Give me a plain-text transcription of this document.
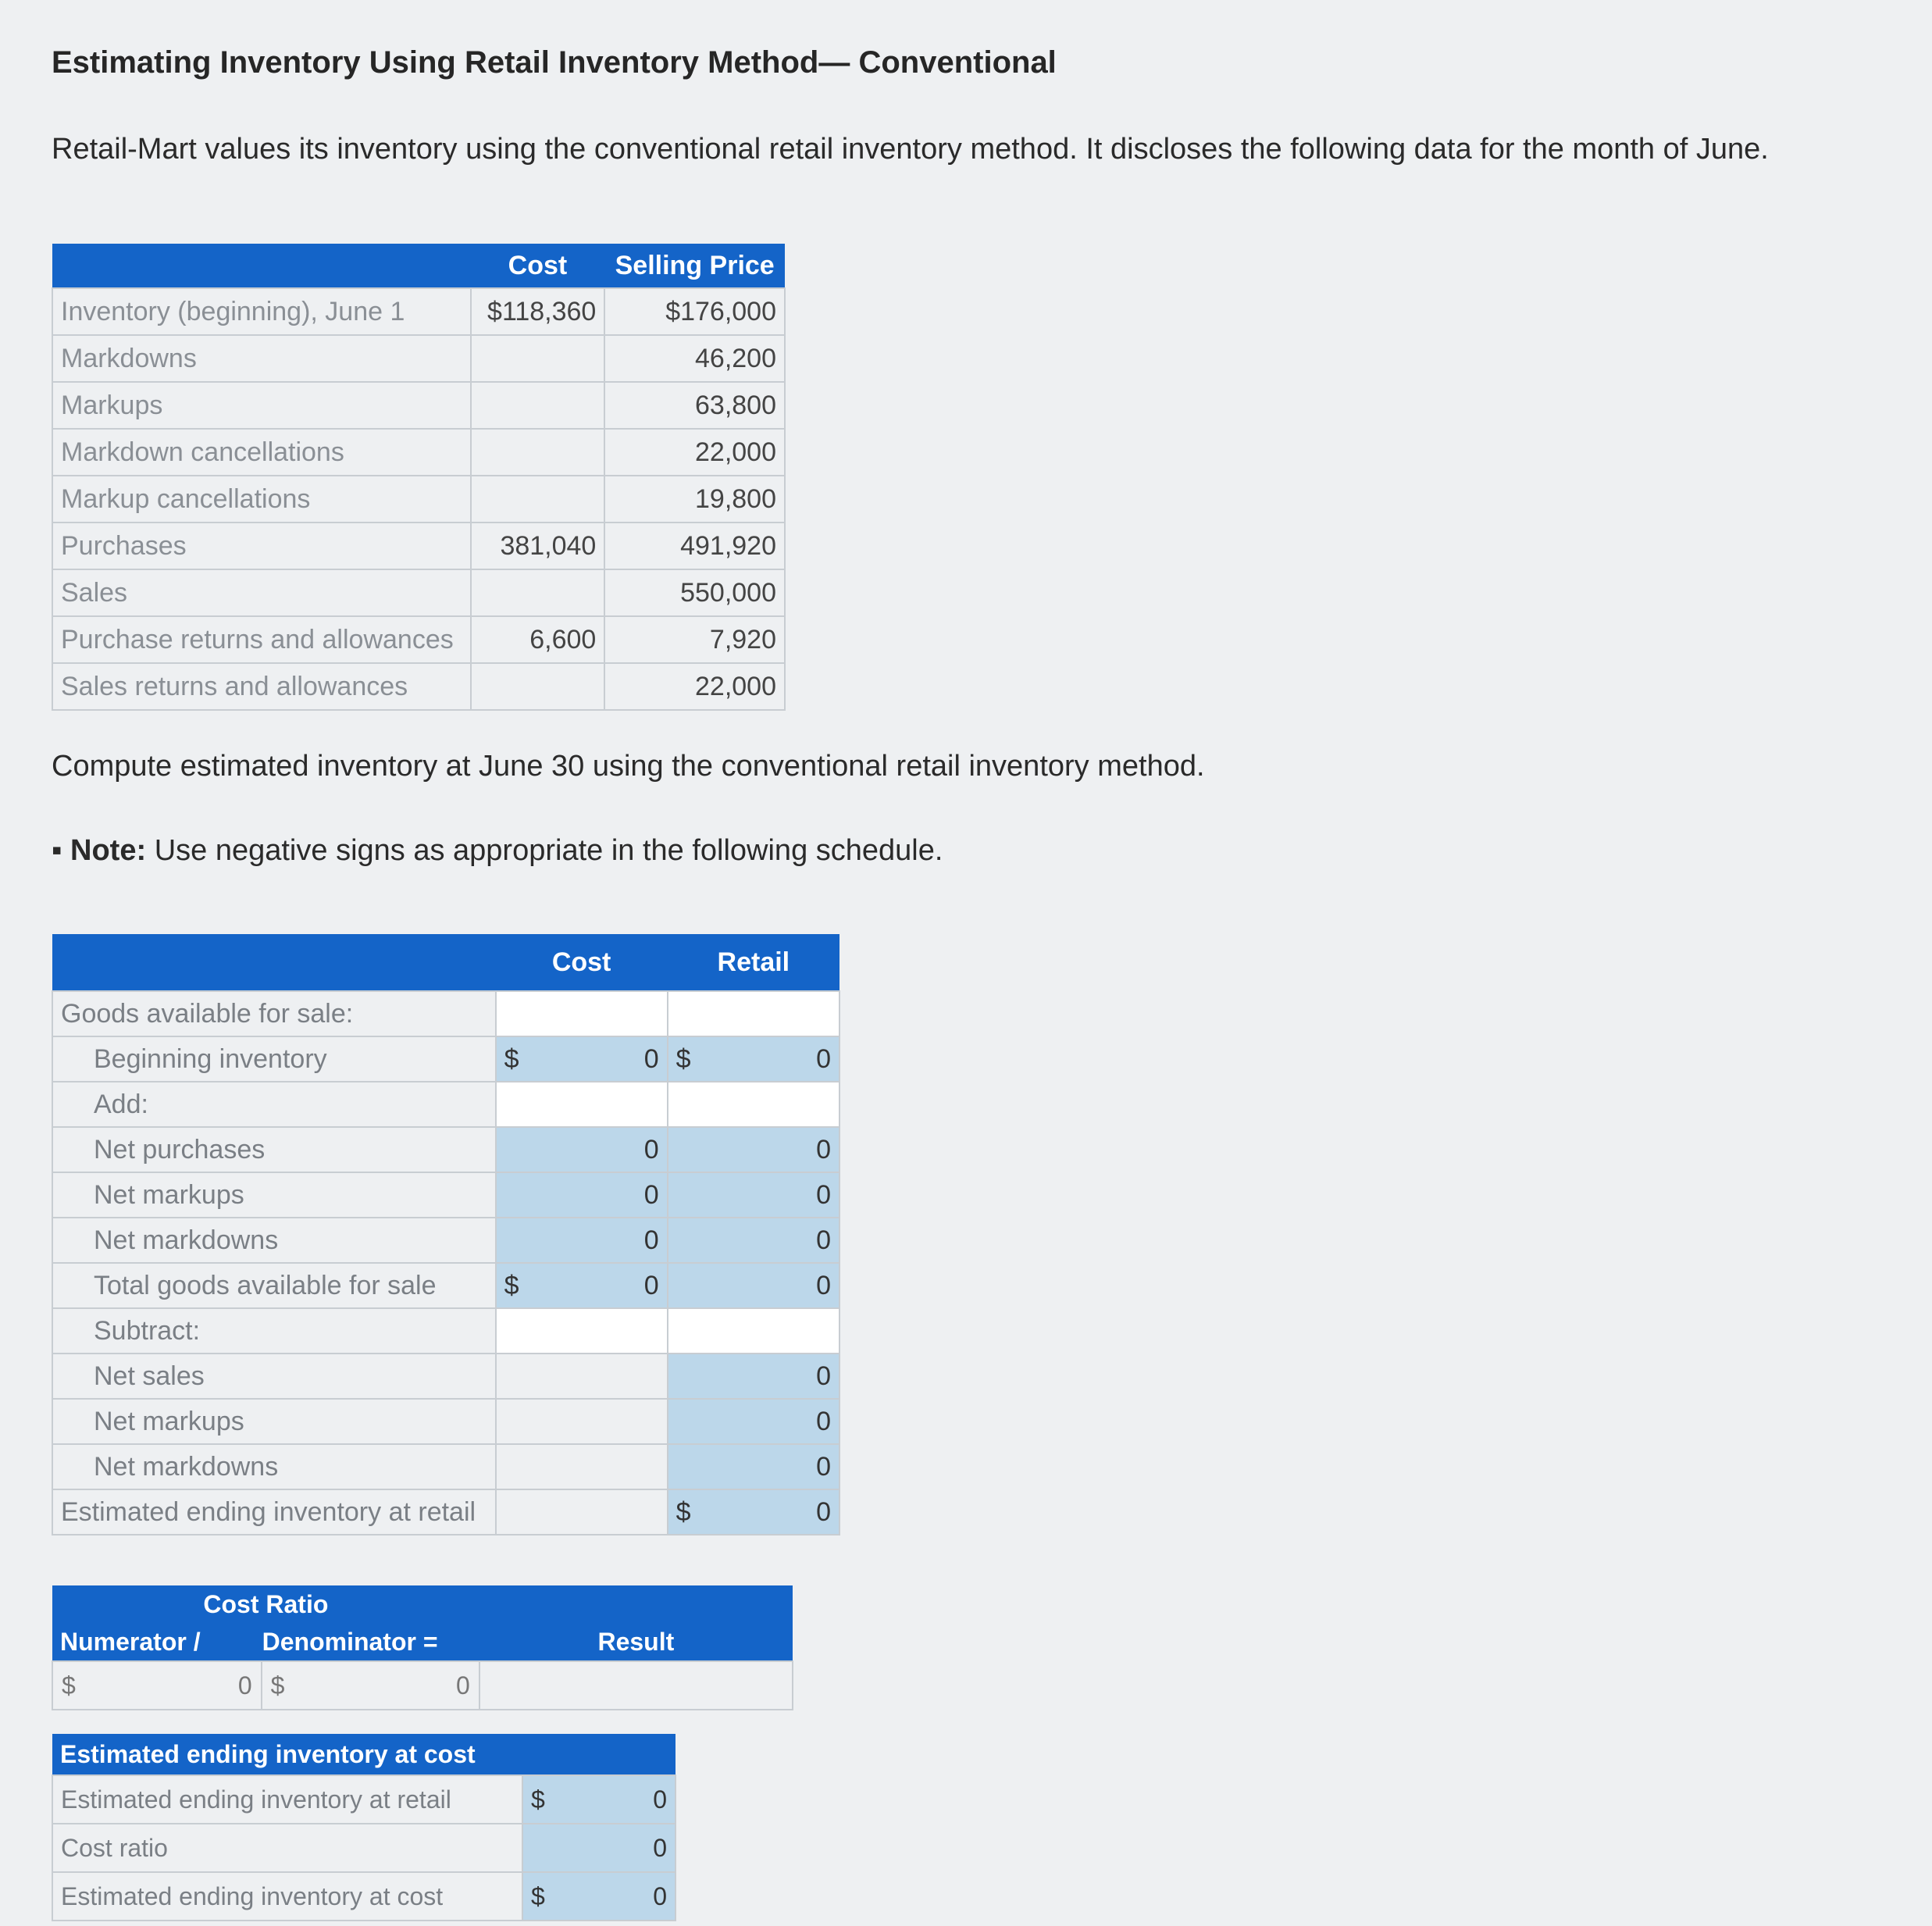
Estimating Inventory Using Retail Inventory Method— Conventional
Retail-Mart values its inventory using the conventional retail inventory method. It discloses the following data for the month of June.
	Cost	Selling Price
Inventory (beginning), June 1	$118,360	$176,000
Markdowns		46,200
Markups		63,800
Markdown cancellations		22,000
Markup cancellations		19,800
Purchases	381,040	491,920
Sales		550,000
Purchase returns and allowances	6,600	7,920
Sales returns and allowances		22,000
Compute estimated inventory at June 30 using the conventional retail inventory method.
▪ Note: Use negative signs as appropriate in the following schedule.
	Cost	Retail
Goods available for sale:		
Beginning inventory	$ 0	$ 0

Add:		
Net purchases	0	0
Net markups	0	0
Net markdowns	0	0
Total goods available for sale	$ 0	0
Subtract:		
Net sales		0
Net markups		0
Net markdowns		0
Estimated ending inventory at retail		$ 0
Cost Ratio		
Numerator /	Denominator =	Result

$ 0	$ 0	

Estimated ending inventory at cost	
Estimated ending inventory at retail	$ 0

Cost ratio	0
Estimated ending inventory at cost	$ 0
